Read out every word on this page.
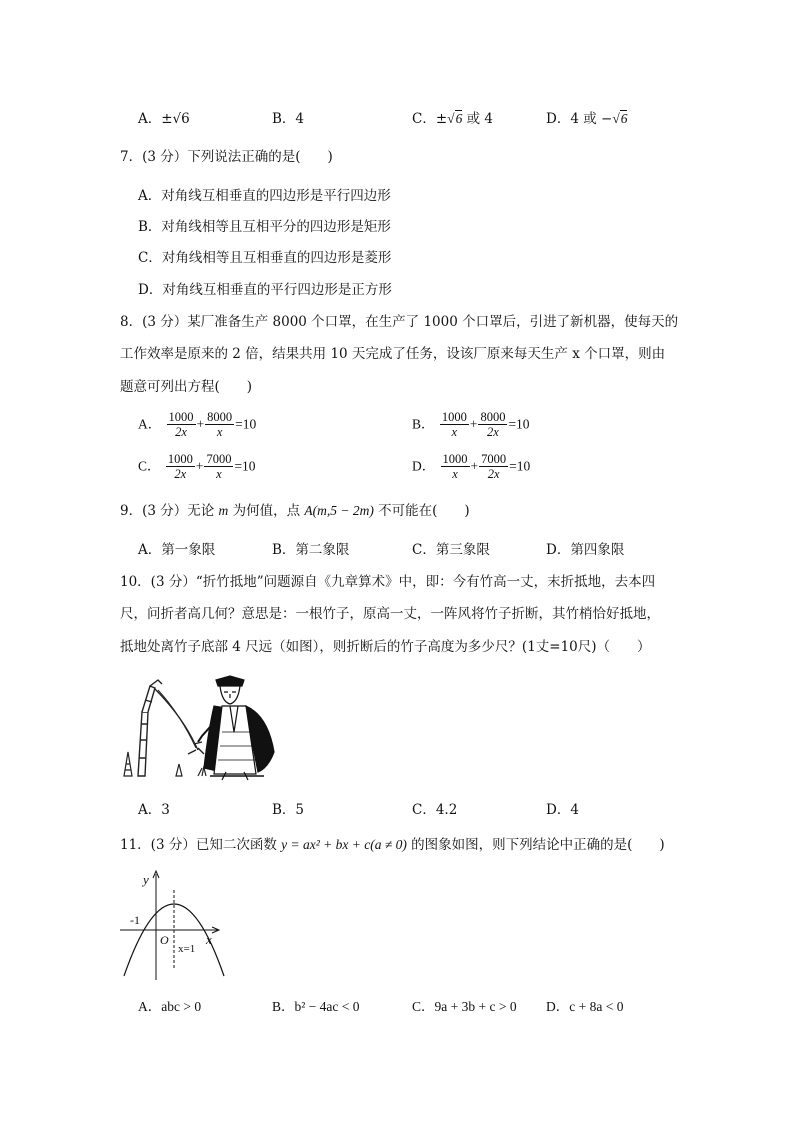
A．±√6	B．4	C．±√6 或 4	D．4 或 −√6
7．(3 分）下列说法正确的是(　　)
A．对角线互相垂直的四边形是平行四边形
B．对角线相等且互相平分的四边形是矩形
C．对角线相等且互相垂直的四边形是菱形
D．对角线互相垂直的平行四边形是正方形
8．(3 分）某厂准备生产 8000 个口罩，在生产了 1000 个口罩后，引进了新机器，使每天的
工作效率是原来的 2 倍，结果共用 10 天完成了任务，设该厂原来每天生产 x 个口罩，则由
题意可列出方程(　　)
A． $\frac{1000}{2x} + \frac{8000}{x} =10$	B． $\frac{1000}{x} + \frac{8000}{2x} =10$
C． $\frac{1000}{2x} + \frac{7000}{x} =10$	D． $\frac{1000}{x} + \frac{7000}{2x} =10$
9．(3 分）无论 m 为何值，点 A(m,5 − 2m) 不可能在(　　)
A．第一象限	B．第二象限	C．第三象限	D．第四象限
10．(3 分）“折竹抵地”问题源自《九章算术》中，即：今有竹高一丈，末折抵地，去本四
尺，问折者高几何？意思是：一根竹子，原高一丈，一阵风将竹子折断，其竹梢恰好抵地，
抵地处离竹子底部 4 尺远（如图），则折断后的竹子高度为多少尺？(1丈=10尺)（　　）
A．3	B．5	C．4.2	D．4
11．(3 分）已知二次函数 y = ax² + bx + c(a ≠ 0) 的图象如图，则下列结论中正确的是(　　)
y
x
O
-1
x=1
A．abc > 0	B．b² − 4ac < 0	C．9a + 3b + c > 0 D．c + 8a < 0
